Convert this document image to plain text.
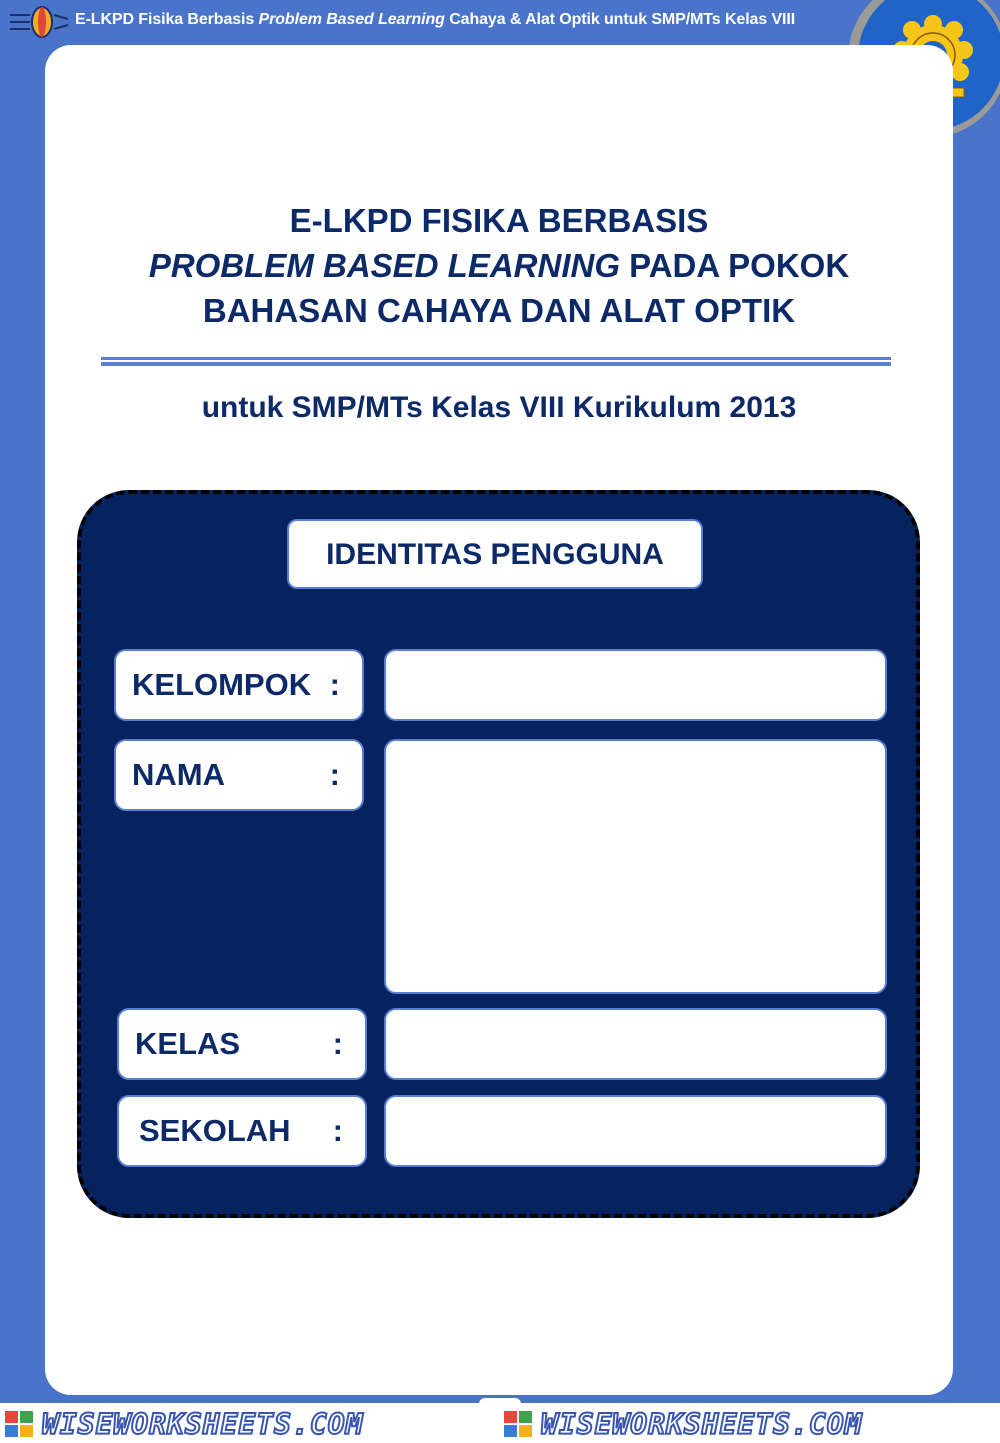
E-LKPD Fisika Berbasis Problem Based Learning Cahaya & Alat Optik untuk SMP/MTs Kelas VIII
E-LKPD FISIKA BERBASIS
PROBLEM BASED LEARNING PADA POKOK
BAHASAN CAHAYA DAN ALAT OPTIK
untuk SMP/MTs Kelas VIII Kurikulum 2013
IDENTITAS PENGGUNA
KELOMPOK :
NAMA	:
KELAS	:
SEKOLAH :
WISEWORKSHEETS.COM	WISEWORKSHEETS.COM
